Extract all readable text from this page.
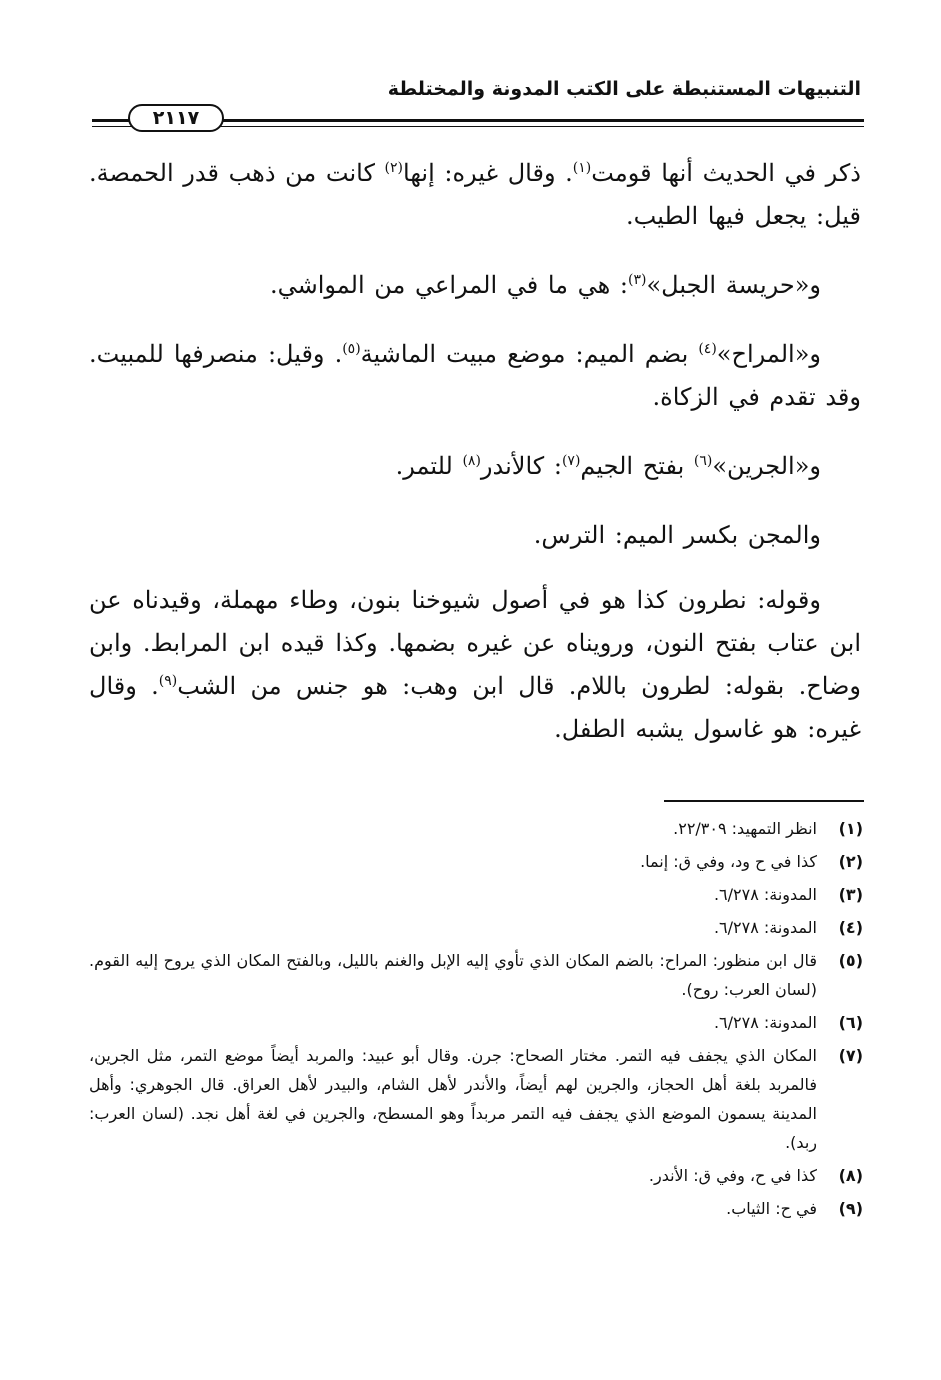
التنبيهات المستنبطة على الكتب المدونة والمختلطة
٢١١٧

ذكر في الحديث أنها قومت$^{(١)}$. وقال غيره: إنها$^{(٢)}$ كانت من ذهب قدر الحمصة. قيل: يجعل فيها الطيب.

و«حريسة الجبل»$^{(٣)}$: هي ما في المراعي من المواشي.

و«المراح»$^{(٤)}$ بضم الميم: موضع مبيت الماشية$^{(٥)}$. وقيل: منصرفها للمبيت. وقد تقدم في الزكاة.

و«الجرين»$^{(٦)}$ بفتح الجيم$^{(٧)}$: كالأندر$^{(٨)}$ للتمر.

والمجن بكسر الميم: الترس.

وقوله: نطرون كذا هو في أصول شيوخنا بنون، وطاء مهملة، وقيدناه عن ابن عتاب بفتح النون، ورويناه عن غيره بضمها. وكذا قيده ابن المرابط. وابن وضاح. بقوله: لطرون باللام. قال ابن وهب: هو جنس من الشب$^{(٩)}$. وقال غيره: هو غاسول يشبه الطفل.

(١)
انظر التمهيد: ٢٢/٣٠٩.
(٢)
كذا في ح ود، وفي ق: إنما.
(٣)
المدونة: ٦/٢٧٨.
(٤)
المدونة: ٦/٢٧٨.
(٥)
قال ابن منظور: المراح: بالضم المكان الذي تأوي إليه الإبل والغنم بالليل، وبالفتح المكان الذي يروح إليه القوم. (لسان العرب: روح).
(٦)
المدونة: ٦/٢٧٨.
(٧)
المكان الذي يجفف فيه التمر. مختار الصحاح: جرن. وقال أبو عبيد: والمربد أيضاً موضع التمر، مثل الجرين، فالمربد بلغة أهل الحجاز، والجرين لهم أيضاً، والأندر لأهل الشام، والبيدر لأهل العراق. قال الجوهري: وأهل المدينة يسمون الموضع الذي يجفف فيه التمر مربداً وهو المسطح، والجرين في لغة أهل نجد. (لسان العرب: ربد).
(٨)
كذا في ح، وفي ق: الأندر.
(٩)
في ح: الثياب.
